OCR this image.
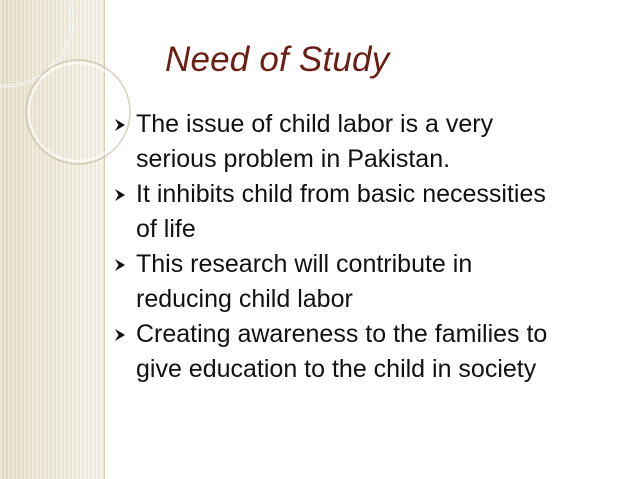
Need of Study
The issue of child labor is a very
serious problem in Pakistan.
It inhibits child from basic necessities
of life
This research will contribute in
reducing child labor
Creating awareness to the families to
give education to the child in society
